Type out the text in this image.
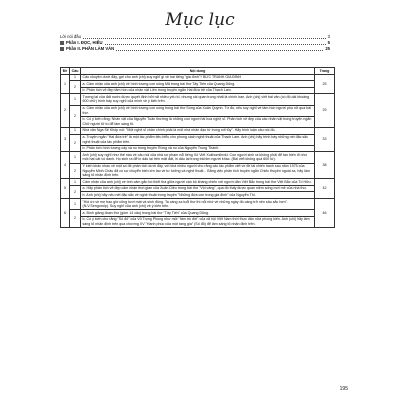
Mục lục
Lời nói đầu	3
Phần I. ĐỌC, HIỂU	5
Phần II. PHẦN LÀM VĂN	25
Đề	Câu	Nội dung	Trang
1	1	Câu chuyện dưới đây, gợi cho anh (chị) suy nghĩ gì về hai tiếng "gia đình"? BỨC TRANH GIA ĐÌNH	25
	2	a. Cảm nhận của anh (chị) về hình tượng con sông Mã trong bài thơ Tây Tiến của Quang Dũng.	
		b. Phân tích vẻ đẹp tâm hồn của nhân vật Liên trong truyện ngắn Hai đứa trẻ của Thạch Lam.	
2	1	Tương lai của đất nước được quyết định bởi rất nhiều yếu tố, nhưng cái quan trọng nhất là chính bạn. Anh (chị) viết bài văn (có độ dài khoảng 600 chữ) trình bày suy nghĩ của mình về ý kiến trên.	29
	2	a. Cảm nhận của anh (chị) về hình tượng con sóng trong bài thơ Sóng của Xuân Quỳnh. Từ đó, nêu suy nghĩ về tâm hồn người phụ nữ qua bài thơ.	
		b. Có ý kiến rằng: Nhân vật của Nguyễn Tuân thường là những con người tài hoa nghệ sĩ. Phân tích vẻ đẹp của các nhân vật trong truyện ngắn Chữ người tử tù để làm sáng tỏ.	
3	1	Nhà văn Nga Sê Khốp nói: "Một nghệ sĩ chân chính phải là một nhà nhân đạo từ trong cốt tủy". Hãy bình luận câu nói đó.	33
	2	a. Truyện ngắn "Hai đứa trẻ" là một tác phẩm tiêu biểu cho phong cách nghệ thuật của Thạch Lam. Anh (chị) hãy trình bày những nét đặc sắc nghệ thuật của tác phẩm trên.	
		b. Phân tích hình tượng cây xà nu trong truyện Rừng xà nu của Nguyễn Trung Thành.	
4	1	Anh (chị) suy nghĩ như thế nào về câu nói của nhà sư phạm nổi tiếng Xô Viết Xukhomlinxki: Con người sinh ra không phải để tan biến đi như một hạt cát vô danh. Họ sinh ra để in dấu lại trên mặt đất, in dấu lại trong trái tim người khác. (Bài viết không quá 600 từ).	38
	2	Ý kiến khác nhau về một số đề phân tích dưới đây, với khá nhiều người cho rằng các tác phẩm viết về đề tài chiến tranh sau năm 1975 của Nguyễn Minh Châu đã có sự chuyển biến lớn lao về tư tưởng và nghệ thuật... Bằng việc phân tích truyện ngắn Chiếc thuyền ngoài xa, hãy làm sáng tỏ nhận định trên.	
5	1	Cảm nhận của anh (chị) về tình cảm gắn bó thiết tha giữa người cán bộ kháng chiến với người dân Việt Bắc trong bài thơ Việt Bắc của Tố Hữu.	42
	2	a. Hãy phân tích vẻ đẹp cảm nhận thời gian của Xuân Diệu trong bài thơ "Vội vàng", qua đó thấy được quan niệm sống mới mẻ của nhà thơ.	
		b. Anh (chị) hãy nêu nét đặc sắc về nghệ thuật trong truyện "Những đứa con trong gia đình" của Nguyễn Thi.	
6	1	"Hồi ức về mẹ bao giờ cũng tươi mát và sinh động. Ta càng xa tuổi thơ thì nỗi nhớ về những ngày đó càng trở nên sâu sắc hơn". (N.V.Sengunốp). Suy nghĩ của anh (chị) về ý kiến trên.	46
	2	a. Bình giảng đoạn thơ (gồm 14 câu) trong bài thơ "Tây Tiến" của Quang Dũng.	
		b. Có ý kiến cho rằng "Số đỏ" của Vũ Trọng Phụng như một "tấm trò đời" của xã hội Việt Nam thời thực dân nửa phong kiến. Anh (chị) hãy làm sáng tỏ nhận định trên qua chương XV "Hạnh phúc của một tang gia" (Số đỏ) để làm sáng tỏ nhận định trên.	
195
